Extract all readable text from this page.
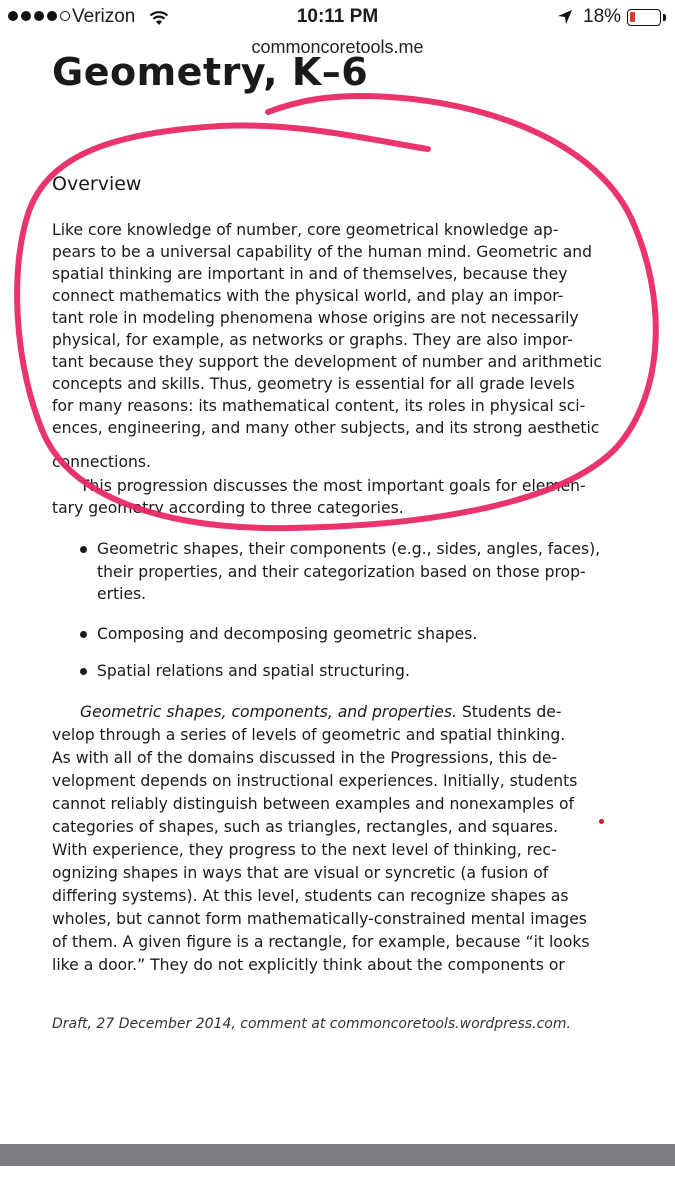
Verizon	10:11 PM	18%
commoncoretools.me
Geometry, K–6
Overview
Like core knowledge of number, core geometrical knowledge ap-
pears to be a universal capability of the human mind. Geometric and
spatial thinking are important in and of themselves, because they
connect mathematics with the physical world, and play an impor-
tant role in modeling phenomena whose origins are not necessarily
physical, for example, as networks or graphs. They are also impor-
tant because they support the development of number and arithmetic
concepts and skills. Thus, geometry is essential for all grade levels
for many reasons: its mathematical content, its roles in physical sci-
ences, engineering, and many other subjects, and its strong aesthetic
connections.
This progression discusses the most important goals for elemen-
tary geometry according to three categories.
Geometric shapes, their components (e.g., sides, angles, faces),
their properties, and their categorization based on those prop-
erties.
Composing and decomposing geometric shapes.
Spatial relations and spatial structuring.
Geometric shapes, components, and properties. Students de-
velop through a series of levels of geometric and spatial thinking.
As with all of the domains discussed in the Progressions, this de-
velopment depends on instructional experiences. Initially, students
cannot reliably distinguish between examples and nonexamples of
categories of shapes, such as triangles, rectangles, and squares.
With experience, they progress to the next level of thinking, rec-
ognizing shapes in ways that are visual or syncretic (a fusion of
differing systems). At this level, students can recognize shapes as
wholes, but cannot form mathematically-constrained mental images
of them. A given figure is a rectangle, for example, because “it looks
like a door.” They do not explicitly think about the components or
Draft, 27 December 2014, comment at commoncoretools.wordpress.com.
